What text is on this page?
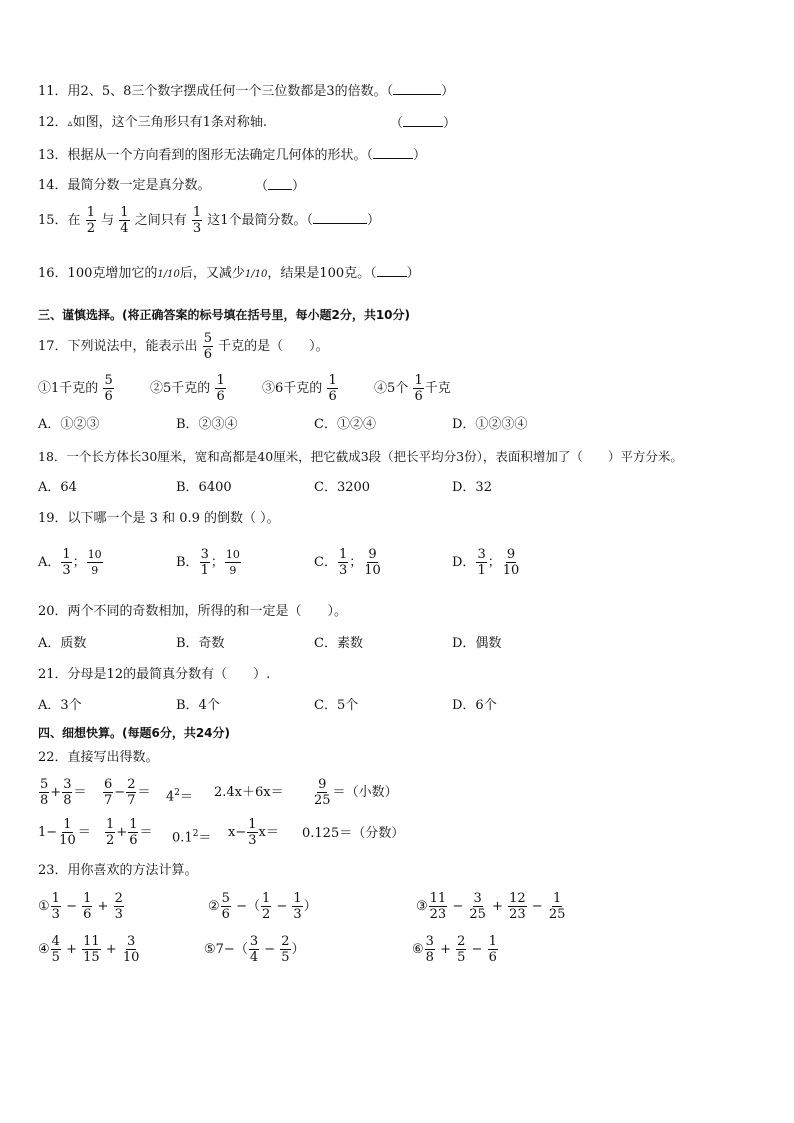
11．用2、5、8三个数字摆成任何一个三位数都是3的倍数。（	）
12．▵如图，这个三角形只有1条对称轴.	（	）
13．根据从一个方向看到的图形无法确定几何体的形状。（	）
14．最简分数一定是真分数。	（ ）
15．在 $\frac{1}{2}$ 与 $\frac{1}{4}$ 之间只有 $\frac{1}{3}$ 这1个最简分数。（	）
16．100克增加它的1/10后，又减少1/10，结果是100克。（ ）
三、谨慎选择。(将正确答案的标号填在括号里，每小题2分，共10分)
17．下列说法中，能表示出 $\frac{5}{6}$ 千克的是（　　）。
①1千克的 $\frac{5}{6}$	②5千克的 $\frac{1}{6}$	③6千克的 $\frac{1}{6}$	④5个 $\frac{1}{6}$ 千克
A．①②③	B．②③④	C．①②④	D．①②③④
18．一个长方体长30厘米，宽和高都是40厘米，把它截成3段（把长平均分3份），表面积增加了（　　）平方分米。
A．64	B．6400	C．3200	D．32
19．以下哪一个是 3 和 0.9 的倒数（ ）。
A． $\frac{1}{3}$ ； $\frac{10}{9}$	B． $\frac{3}{1}$ ； $\frac{10}{9}$	C． $\frac{1}{3}$ ； $\frac{9}{10}$	D． $\frac{3}{1}$ ； $\frac{9}{10}$
20．两个不同的奇数相加，所得的和一定是（　　）。
A．质数	B．奇数	C．素数	D．偶数
21．分母是12的最简真分数有（　　）.
A．3个	B．4个	C．5个	D．6个
四、细想快算。(每题6分，共24分)
22．直接写出得数。
$\frac{5}{8} + \frac{3}{8} = \frac{6}{7} - \frac{2}{7} = 4^2= 2.4x+6x= \frac{9}{25}$ ＝（小数）
$1- \frac{1}{10} = \frac{1}{2} + \frac{1}{6} = 0.1^2= x- \frac{1}{3} x= 0.125=$（分数）
23．用你喜欢的方法计算。
① $\frac{1}{3} - \frac{1}{6} + \frac{2}{3}$	② $\frac{5}{6}$ −（ $\frac{1}{2} - \frac{1}{3}$ ）	③ $\frac{11}{23} - \frac{3}{25} + \frac{12}{23} - \frac{1}{25}$
④ $\frac{4}{5} + \frac{11}{15} + \frac{3}{10}$	⑤7−（ $\frac{3}{4} - \frac{2}{5}$ ）	⑥ $\frac{3}{8} + \frac{2}{5} - \frac{1}{6}$
